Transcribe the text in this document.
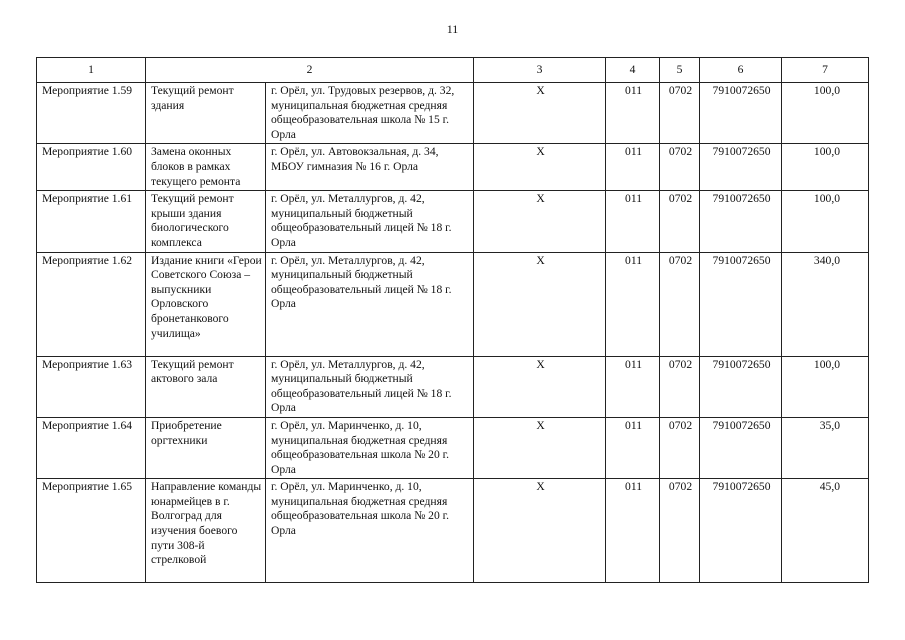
11
1	2		3	4	5	6	7
Мероприятие 1.59	Текущий ремонт здания	г. Орёл, ул. Трудовых резервов, д. 32, муниципальная бюджетная средняя общеобразовательная школа № 15 г. Орла	X	011	0702	7910072650	100,0
Мероприятие 1.60	Замена оконных блоков в рамках текущего ремонта	г. Орёл, ул. Автовокзальная, д. 34, МБОУ гимназия № 16 г. Орла	X	011	0702	7910072650	100,0
Мероприятие 1.61	Текущий ремонт крыши здания биологического комплекса	г. Орёл, ул. Металлургов, д. 42, муниципальный бюджетный общеобразовательный лицей № 18 г. Орла	X	011	0702	7910072650	100,0
Мероприятие 1.62	Издание книги «Герои Советского Союза – выпускники Орловского бронетанкового училища»	г. Орёл, ул. Металлургов, д. 42, муниципальный бюджетный общеобразовательный лицей № 18 г. Орла	X	011	0702	7910072650	340,0
Мероприятие 1.63	Текущий ремонт актового зала	г. Орёл, ул. Металлургов, д. 42, муниципальный бюджетный общеобразовательный лицей № 18 г. Орла	X	011	0702	7910072650	100,0
Мероприятие 1.64	Приобретение оргтехники	г. Орёл, ул. Маринченко, д. 10, муниципальная бюджетная средняя общеобразовательная школа № 20 г. Орла	X	011	0702	7910072650	35,0
Мероприятие 1.65	Направление команды юнармейцев в г. Волгоград для изучения боевого пути 308-й стрелковой	г. Орёл, ул. Маринченко, д. 10, муниципальная бюджетная средняя общеобразовательная школа № 20 г. Орла	X	011	0702	7910072650	45,0
